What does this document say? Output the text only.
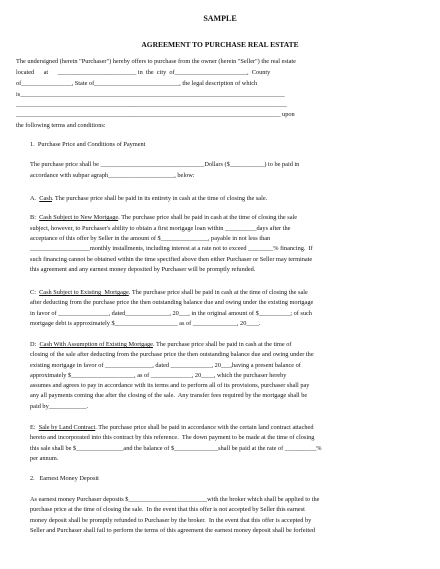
SAMPLE
AGREEMENT TO PURCHASE REAL ESTATE
The undersigned (herein "Purchaser") hereby offers to purchase from the owner (herein "Seller") the real estate
located      at      _________________________ in  the  city  of_______________________,  County
of________________, State of___________________________, the legal description of which
is____________________________________________________________________________________
______________________________________________________________________________________
____________________________________________________________________________________ upon
the following terms and conditions:
1.  Purchase Price and Conditions of Payment
The purchase price shall be _________________________________Dollars ($___________) to be paid in
accordance with subpar agraph_____________________, below:
A.  Cash. The purchase price shall be paid in its entirety in cash at the time of closing the sale.
B:  Cash Subject to New Mortgage. The purchase price shall be paid in cash at the time of closing the sale
subject, however, to Purchaser's ability to obtain a first mortgage loan within __________days after the
acceptance of this offer by Seller in the amount of $_______________, payable in not less than
___________________monthly installments, including interest at a rate not to exceed ________% financing.  If
such financing cannot be obtained within the time specified above then either Purchaser or Seller may terminate
this agreement and any earnest money deposited by Purchaser will be promptly refunded.
C:  Cash Subject to Existing  Mortgage. The purchase price shall be paid in cash at the time of closing the sale
after deducting from the purchase price the then outstanding balance due and owing under the existing mortgage
in favor of ________________, dated______________, 20___, in the original amount of $__________; of such
mortgage debt is approximately $____________________ as of ______________, 20____.
D:  Cash With Assumption of Existing Mortgage. The purchase price shall be paid in cash at the time of
closing of the sale after deducting from the purchase price the then outstanding balance due and owing under the
existing mortgage in favor of _______________, dated _____________, 20___,having a present balance of
approximately $____________________, as of _____________, 20____, which the purchaser hereby
assumes and agrees to pay in accordance with its terms and to perform all of its provisions, purchaser shall pay
any all payments coming due after the closing of the sale.  Any transfer fees required by the mortgage shall be
paid by____________.
E:  Sale by Land Contract. The purchase price shall be paid in accordance with the certain land contract attached
hereto and incorporated into this contract by this reference.  The down payment to be made at the time of closing
this sale shall be $_______________and the balance of $______________shall be paid at the rate of __________%
per annum.
2.   Earnest Money Deposit
As earnest money Purchaser deposits $_________________________with the broker which shall be applied to the
purchase price at the time of closing the sale.  In the event that this offer is not accepted by Seller this earnest
money deposit shall be promptly refunded to Purchaser by the broker.  In the event that this offer is accepted by
Seller and Purchaser shall fail to perform the terms of this agreement the earnest money deposit shall be forfeited
